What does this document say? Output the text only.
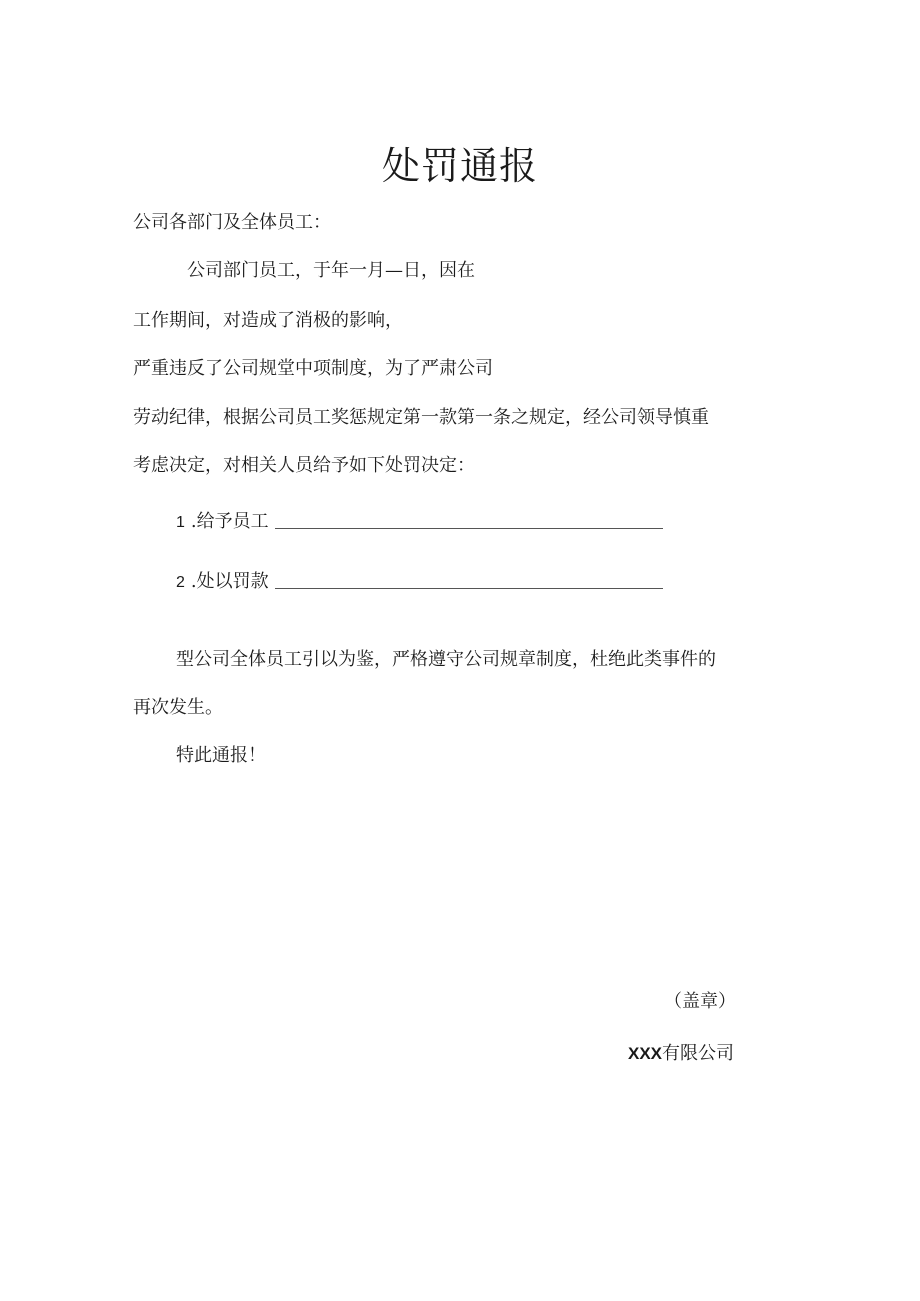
处罚通报
公司各部门及全体员工：
公司部门员工，于年一月—日，因在
工作期间，对造成了消极的影响，
严重违反了公司规堂中项制度，为了严肃公司
劳动纪律，根据公司员工奖惩规定第一款第一条之规定，经公司领导慎重
考虑决定，对相关人员给予如下处罚决定：
1 .给予员工
2 .处以罚款
型公司全体员工引以为鉴，严格遵守公司规章制度，杜绝此类事件的
再次发生。
特此通报！
（盖章）
XXX有限公司
